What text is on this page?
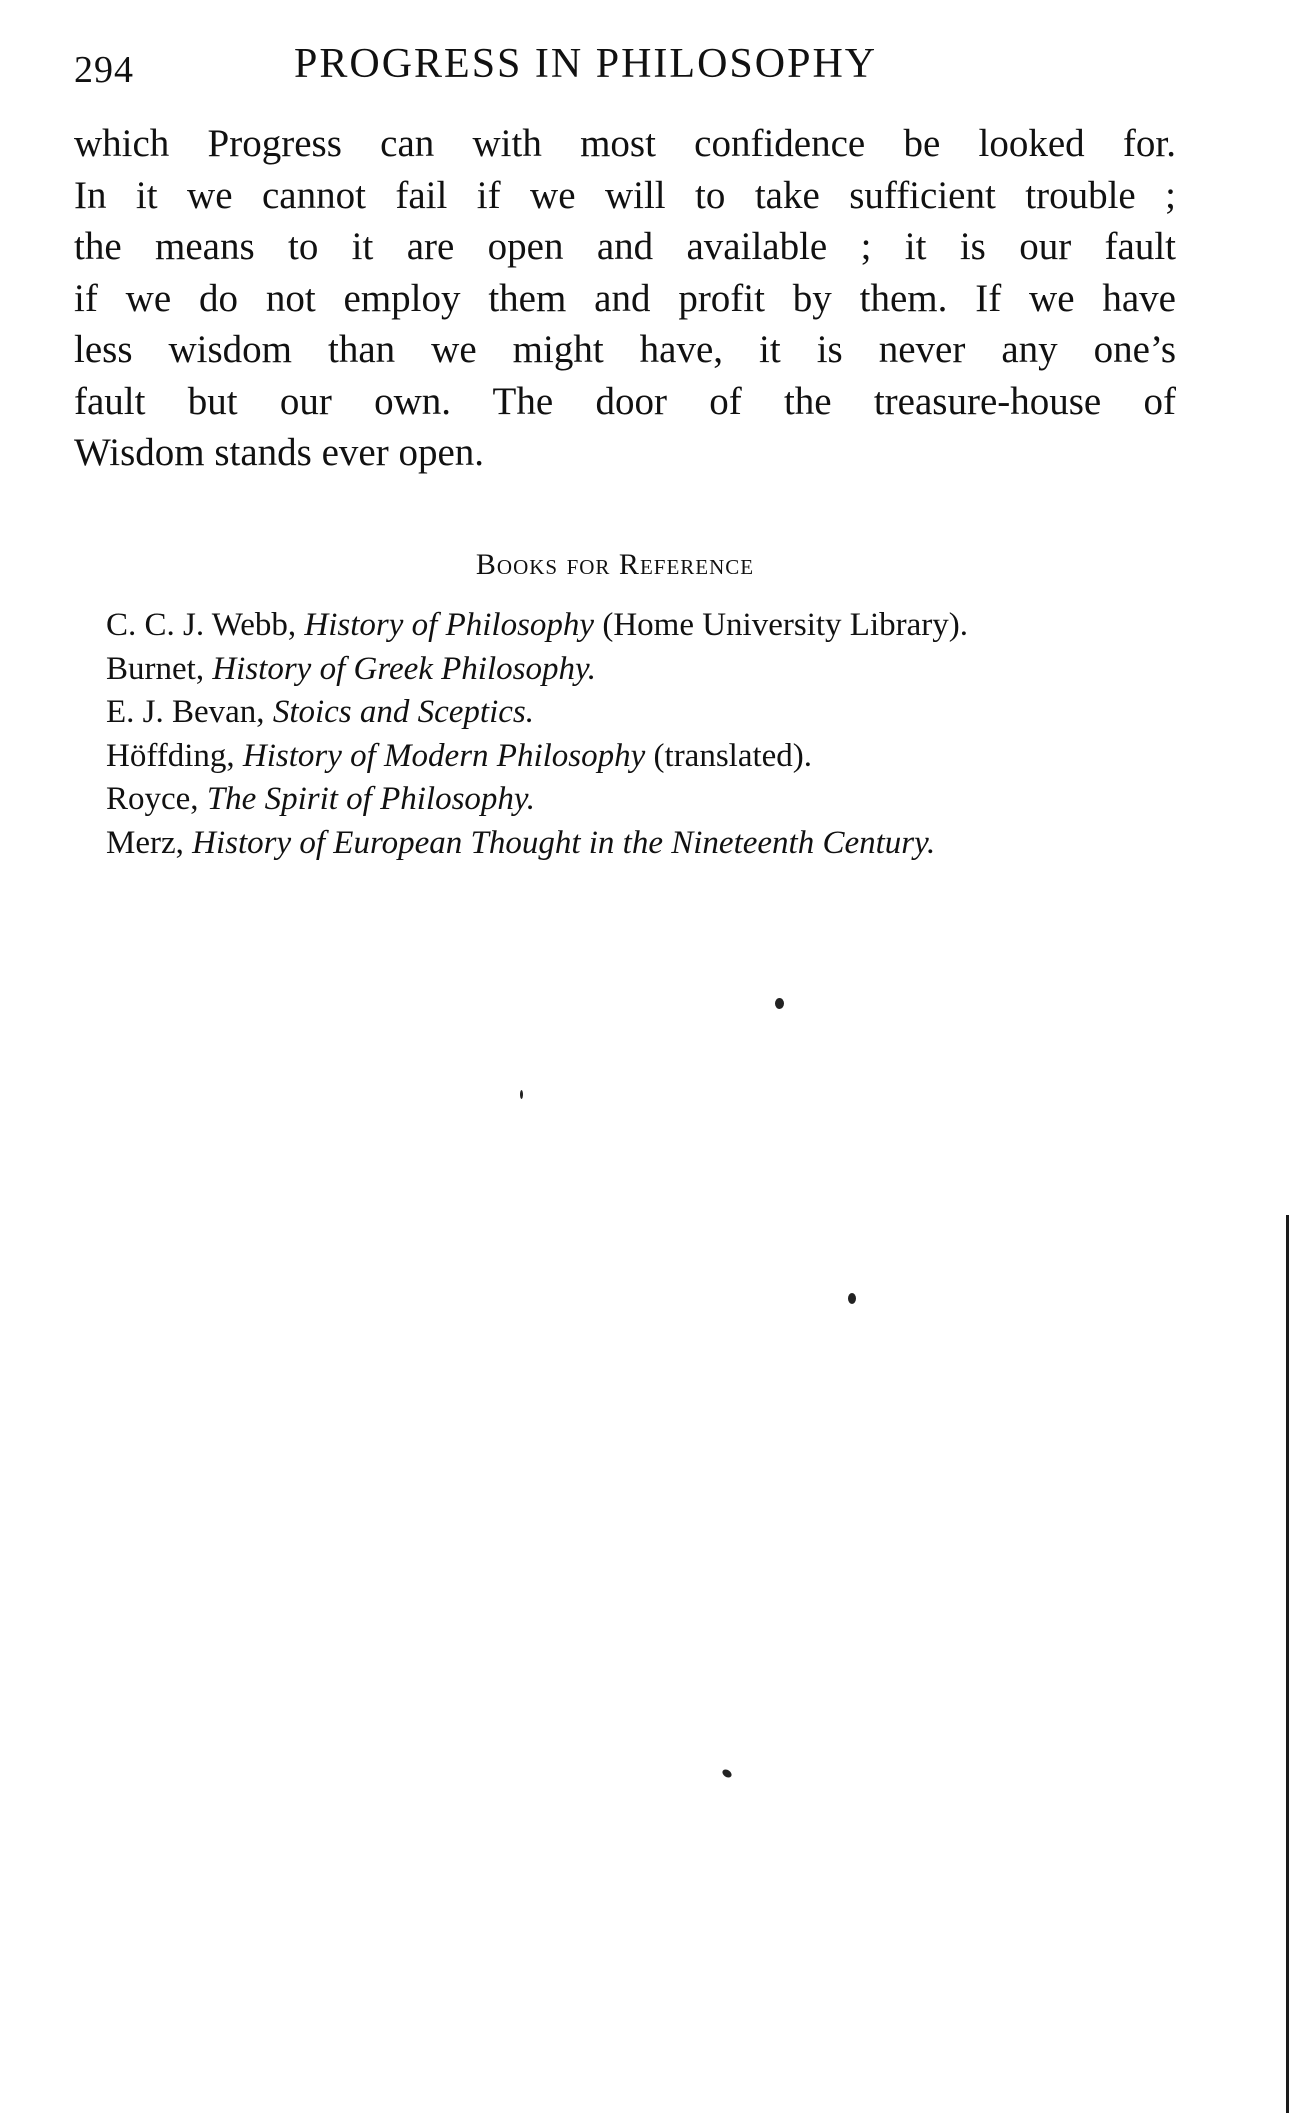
294	PROGRESS IN PHILOSOPHY

which Progress can with most confidence be looked for.
In it we cannot fail if we will to take sufficient trouble ;
the means to it are open and available ; it is our fault
if we do not employ them and profit by them. If we have
less wisdom than we might have, it is never any one’s
fault but our own. The door of the treasure-house of
Wisdom stands ever open.

Books for Reference
C. C. J. Webb, History of Philosophy (Home University Library).
Burnet, History of Greek Philosophy.
E. J. Bevan, Stoics and Sceptics.
Höffding, History of Modern Philosophy (translated).
Royce, The Spirit of Philosophy.
Merz, History of European Thought in the Nineteenth Century.
